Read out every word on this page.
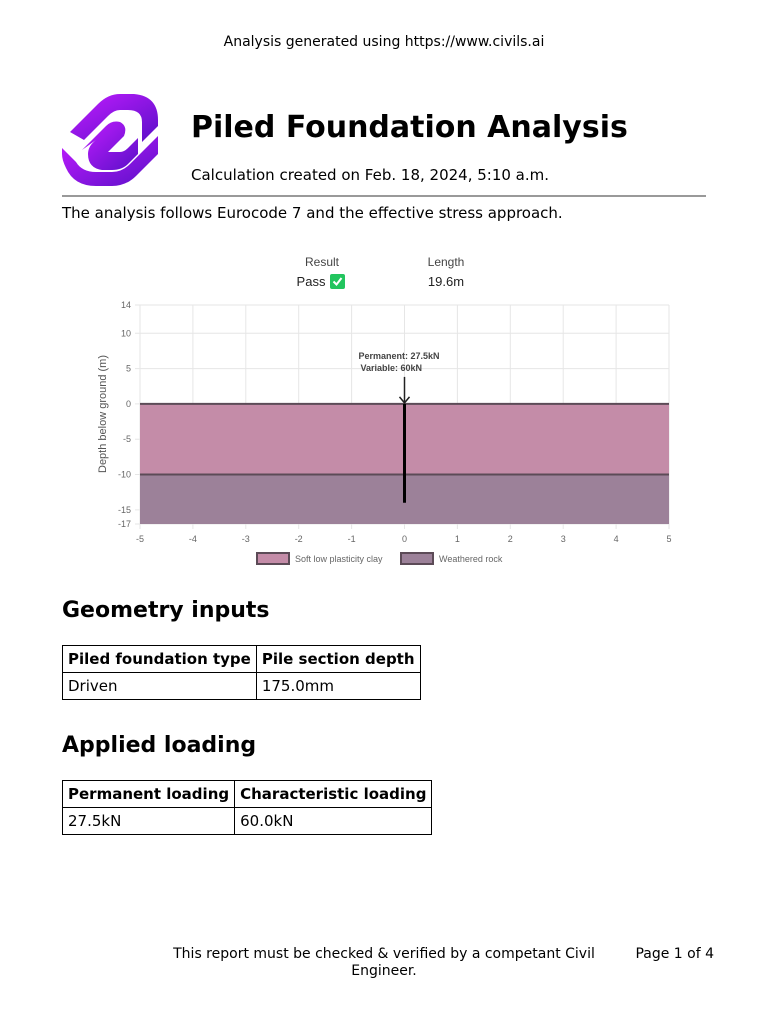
Analysis generated using https://www.civils.ai
Piled Foundation Analysis
Calculation created on Feb. 18, 2024, 5:10 a.m.
The analysis follows Eurocode 7 and the effective stress approach.
Result
Pass
Length
19.6m
-5	-4	-3	-2	-1	0	1	2	3	4	5
14
10
5
0
-5
-10
-15
-17
Permanent: 27.5kN
Variable: 60kN
Depth below ground (m)
Soft low plasticity clay	Weathered rock
Geometry inputs
Piled foundation type	Pile section depth
Driven	175.0mm
Applied loading
Permanent loading	Characteristic loading
27.5kN	60.0kN
This report must be checked & verified by a competant Civil Engineer.
Page 1 of 4
